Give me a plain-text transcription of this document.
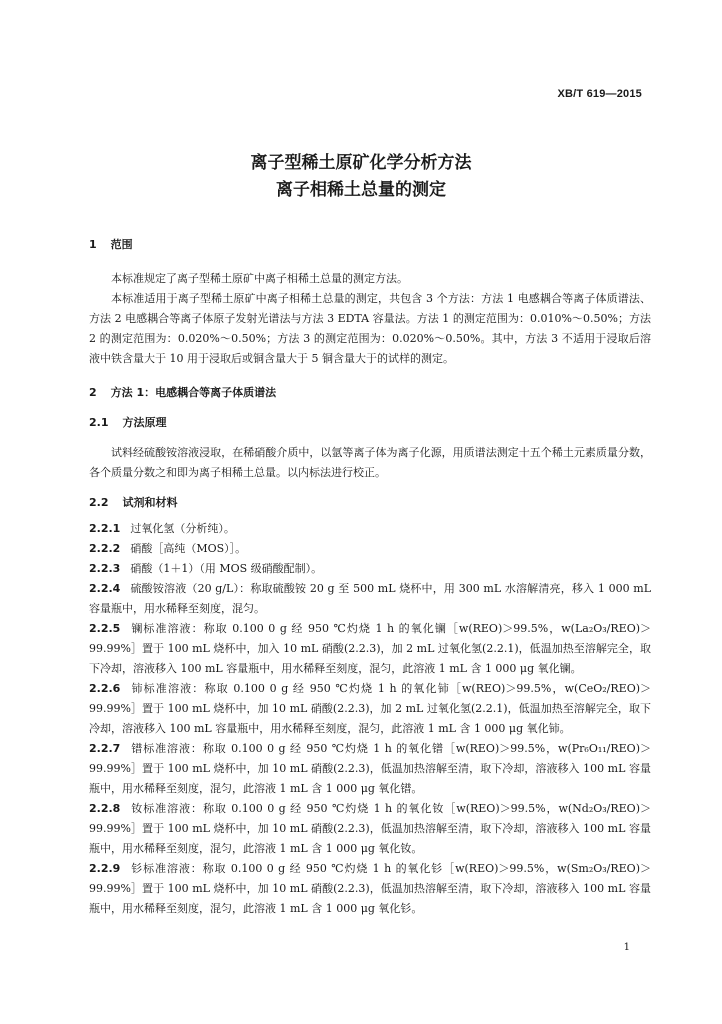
XB/T 619—2015
离子型稀土原矿化学分析方法
离子相稀土总量的测定
1 范围

本标准规定了离子型稀土原矿中离子相稀土总量的测定方法。

本标准适用于离子型稀土原矿中离子相稀土总量的测定，共包含 3 个方法：方法 1 电感耦合等离子体质谱法、方法 2 电感耦合等离子体原子发射光谱法与方法 3 EDTA 容量法。方法 1 的测定范围为：0.010%～0.50%；方法 2 的测定范围为：0.020%～0.50%；方法 3 的测定范围为：0.020%～0.50%。其中，方法 3 不适用于浸取后溶液中铁含量大于 10 用于浸取后或铜含量大于 5 铜含量大于的试样的测定。

2 方法 1：电感耦合等离子体质谱法
2.1 方法原理

试料经硫酸铵溶液浸取，在稀硝酸介质中，以氩等离子体为离子化源，用质谱法测定十五个稀土元素质量分数，各个质量分数之和即为离子相稀土总量。以内标法进行校正。

2.2 试剂和材料

2.2.1 过氧化氢（分析纯）。

2.2.2 硝酸［高纯（MOS）］。

2.2.3 硝酸（1＋1）（用 MOS 级硝酸配制）。

2.2.4 硫酸铵溶液（20 g/L）：称取硫酸铵 20 g 至 500 mL 烧杯中，用 300 mL 水溶解清亮，移入 1 000 mL 容量瓶中，用水稀释至刻度，混匀。

2.2.5 镧标准溶液：称取 0.100 0 g 经 950 ℃灼烧 1 h 的氧化镧［w(REO)＞99.5%，w(La₂O₃/REO)＞99.99%］置于 100 mL 烧杯中，加入 10 mL 硝酸(2.2.3)，加 2 mL 过氧化氢(2.2.1)，低温加热至溶解完全，取下冷却，溶液移入 100 mL 容量瓶中，用水稀释至刻度，混匀，此溶液 1 mL 含 1 000 μg 氧化镧。

2.2.6 铈标准溶液：称取 0.100 0 g 经 950 ℃灼烧 1 h 的氧化铈［w(REO)＞99.5%，w(CeO₂/REO)＞99.99%］置于 100 mL 烧杯中，加 10 mL 硝酸(2.2.3)，加 2 mL 过氧化氢(2.2.1)，低温加热至溶解完全，取下冷却，溶液移入 100 mL 容量瓶中，用水稀释至刻度，混匀，此溶液 1 mL 含 1 000 μg 氧化铈。

2.2.7 镨标准溶液：称取 0.100 0 g 经 950 ℃灼烧 1 h 的氧化镨［w(REO)＞99.5%，w(Pr₆O₁₁/REO)＞99.99%］置于 100 mL 烧杯中，加 10 mL 硝酸(2.2.3)，低温加热溶解至清，取下冷却，溶液移入 100 mL 容量瓶中，用水稀释至刻度，混匀，此溶液 1 mL 含 1 000 μg 氧化镨。

2.2.8 钕标准溶液：称取 0.100 0 g 经 950 ℃灼烧 1 h 的氧化钕［w(REO)＞99.5%，w(Nd₂O₃/REO)＞99.99%］置于 100 mL 烧杯中，加 10 mL 硝酸(2.2.3)，低温加热溶解至清，取下冷却，溶液移入 100 mL 容量瓶中，用水稀释至刻度，混匀，此溶液 1 mL 含 1 000 μg 氧化钕。

2.2.9 钐标准溶液：称取 0.100 0 g 经 950 ℃灼烧 1 h 的氧化钐［w(REO)＞99.5%，w(Sm₂O₃/REO)＞99.99%］置于 100 mL 烧杯中，加 10 mL 硝酸(2.2.3)，低温加热溶解至清，取下冷却，溶液移入 100 mL 容量瓶中，用水稀释至刻度，混匀，此溶液 1 mL 含 1 000 μg 氧化钐。

1
